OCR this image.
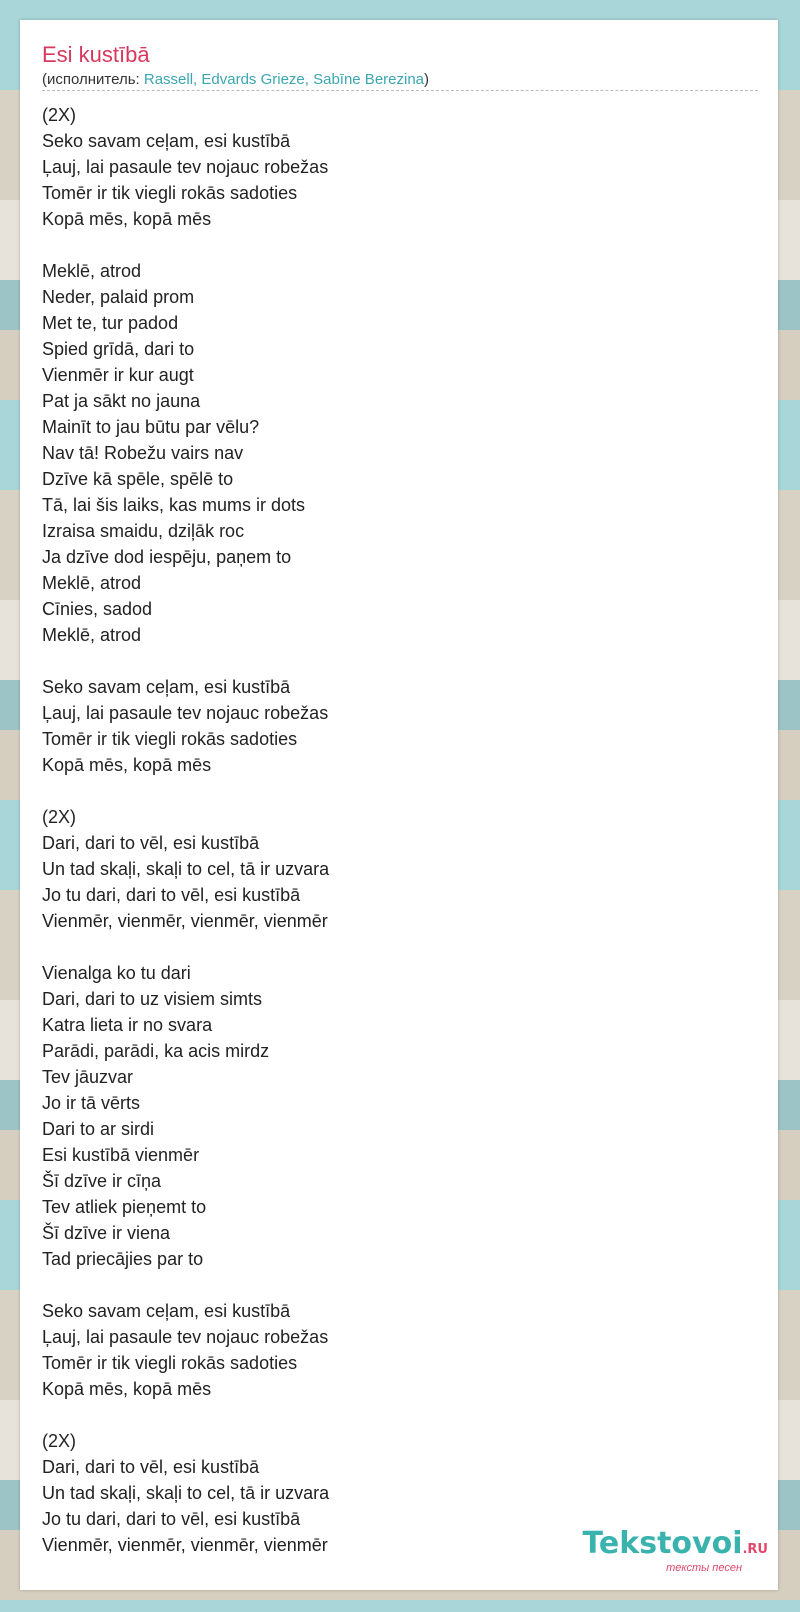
Esi kustībā
(исполнитель: Rassell, Edvards Grieze, Sabīne Berezina)
(2X)
Seko savam ceļam, esi kustībā
Ļauj, lai pasaule tev nojauc robežas
Tomēr ir tik viegli rokās sadoties
Kopā mēs, kopā mēs
Meklē, atrod
Neder, palaid prom
Met te, tur padod
Spied grīdā, dari to
Vienmēr ir kur augt
Pat ja sākt no jauna
Mainīt to jau būtu par vēlu?
Nav tā! Robežu vairs nav
Dzīve kā spēle, spēlē to
Tā, lai šis laiks, kas mums ir dots
Izraisa smaidu, dziļāk roc
Ja dzīve dod iespēju, paņem to
Meklē, atrod
Cīnies, sadod
Meklē, atrod
Seko savam ceļam, esi kustībā
Ļauj, lai pasaule tev nojauc robežas
Tomēr ir tik viegli rokās sadoties
Kopā mēs, kopā mēs
(2X)
Dari, dari to vēl, esi kustībā
Un tad skaļi, skaļi to cel, tā ir uzvara
Jo tu dari, dari to vēl, esi kustībā
Vienmēr, vienmēr, vienmēr, vienmēr
Vienalga ko tu dari
Dari, dari to uz visiem simts
Katra lieta ir no svara
Parādi, parādi, ka acis mirdz
Tev jāuzvar
Jo ir tā vērts
Dari to ar sirdi
Esi kustībā vienmēr
Šī dzīve ir cīņa
Tev atliek pieņemt to
Šī dzīve ir viena
Tad priecājies par to
Seko savam ceļam, esi kustībā
Ļauj, lai pasaule tev nojauc robežas
Tomēr ir tik viegli rokās sadoties
Kopā mēs, kopā mēs
(2X)
Dari, dari to vēl, esi kustībā
Un tad skaļi, skaļi to cel, tā ir uzvara
Jo tu dari, dari to vēl, esi kustībā
Vienmēr, vienmēr, vienmēr, vienmēr	Tekstovoi.RU
тексты песен
